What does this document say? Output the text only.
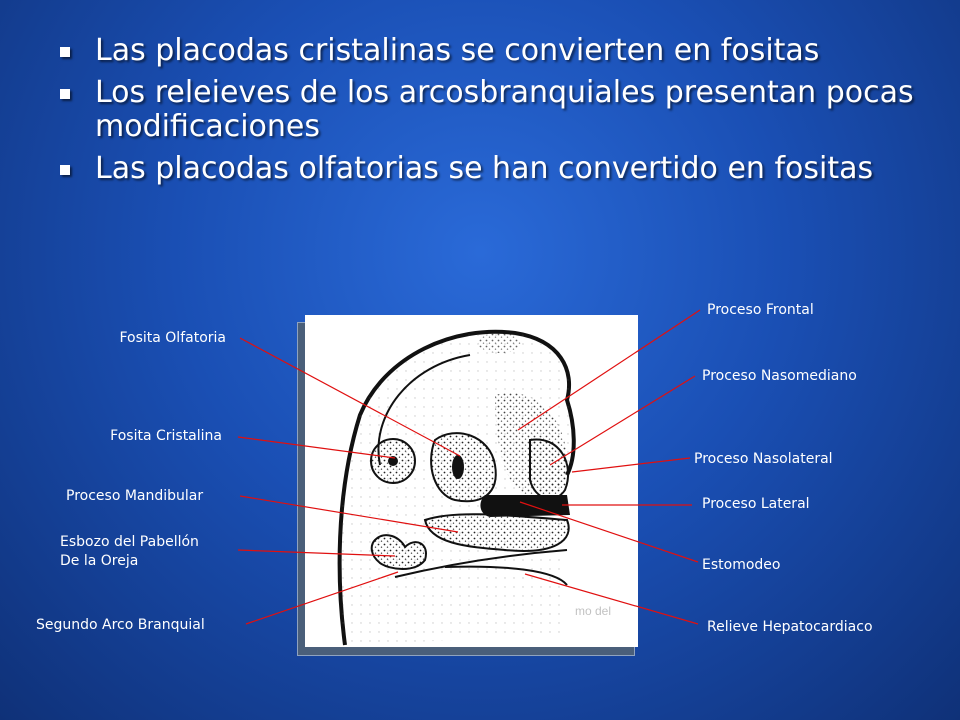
Las placodas cristalinas se convierten en fositas
Los releieves de los arcosbranquiales presentan pocas modificaciones
Las placodas olfatorias se han convertido en fositas
mo del
Fosita Olfatoria
Fosita Cristalina
Proceso Mandibular
Esbozo del Pabellón
De la Oreja
Segundo Arco Branquial
Proceso Frontal
Proceso Nasomediano
Proceso Nasolateral
Proceso Lateral
Estomodeo
Relieve Hepatocardiaco
